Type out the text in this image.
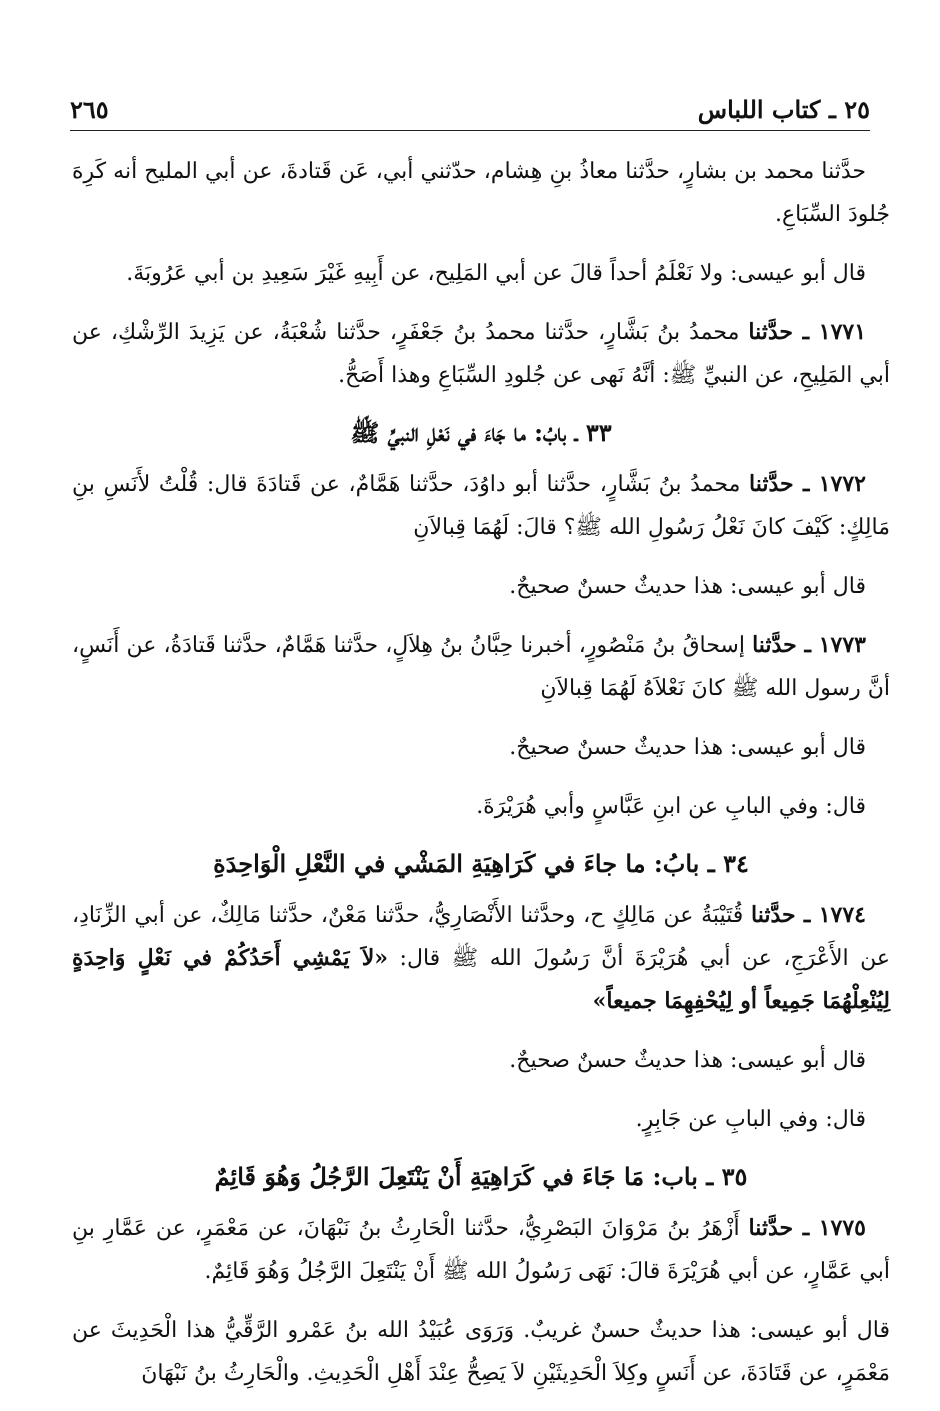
٢٦٥	٢٥ ـ كتاب اللباس

حدَّثنا محمد بن بشارٍ، حدَّثنا معاذُ بنِ هِشام، حدّثني أبي، عَن قَتادةَ، عن أبي المليح أنه كَرِهَ جُلودَ السِّبَاعِ.

قال أبو عيسى: ولا نَعْلَمُ أحداً قالَ عن أبي المَلِيح، عن أَبِيهِ غَيْرَ سَعِيدِ بن أبي عَرُوبَةَ.

١٧٧١ ـ حدَّثنا محمدُ بنُ بَشَّارٍ، حدَّثنا محمدُ بنُ جَعْفَرٍ، حدَّثنا شُعْبَةُ، عن يَزِيدَ الرِّشْكِ، عن أبي المَلِيحِ، عن النبيِّ ﷺ: أنَّهُ نَهى عن جُلودِ السِّبَاعِ وهذا أَصَحُّ.

٣٣ ـ بابُ: ما جَاءَ في نَعْلِ النبيِّ ﷺ

١٧٧٢ ـ حدَّثنا محمدُ بنُ بَشَّارٍ، حدَّثنا أبو داوُدَ، حدَّثنا هَمَّامٌ، عن قَتادَةَ قال: قُلْتُ لأَنَسِ بنِ مَالِكٍ: كَيْفَ كانَ نَعْلُ رَسُولِ الله ﷺ؟ قالَ: لَهُمَا قِبالاَنِ

قال أبو عيسى: هذا حديثٌ حسنٌ صحيحٌ.

١٧٧٣ ـ حدَّثنا إسحاقُ بنُ مَنْصُورٍ، أخبرنا حِبَّانُ بنُ هِلاَلٍ، حدَّثنا هَمَّامٌ، حدَّثنا قَتادَةُ، عن أَنَسٍ، أنَّ رسول الله ﷺ كانَ نَعْلاَهُ لَهُمَا قِبالاَنِ

قال أبو عيسى: هذا حديثٌ حسنٌ صحيحٌ.

قال: وفي البابِ عن ابنِ عَبَّاسٍ وأبي هُرَيْرَةَ.

٣٤ ـ بابُ: ما جاءَ في كَرَاهِيَةِ المَشْي في النَّعْلِ الْوَاحِدَةِ

١٧٧٤ ـ حدَّثنا قُتَيْبَةُ عن مَالِكٍ ح، وحدَّثنا الأَنْصَارِيُّ، حدَّثنا مَعْنٌ، حدَّثنا مَالِكٌ، عن أبي الزِّنَادِ، عن الأَعْرَجِ، عن أبي هُرَيْرَةَ أنَّ رَسُولَ الله ﷺ قال: «لاَ يَمْشِي أَحَدُكُمْ في نَعْلٍ وَاحِدَةٍ لِيُنْعِلْهُمَا جَمِيعاً أو لِيُحْفِهِمَا جميعاً»

قال أبو عيسى: هذا حديثٌ حسنٌ صحيحٌ.

قال: وفي البابِ عن جَابِرٍ.

٣٥ ـ باب: مَا جَاءَ في كَرَاهِيَةِ أَنْ يَنْتَعِلَ الرَّجُلُ وَهُوَ قَائِمٌ

١٧٧٥ ـ حدَّثنا أَزْهَرُ بنُ مَرْوَانَ البَصْرِيُّ، حدَّثنا الْحَارِثُ بنُ نَبْهَانَ، عن مَعْمَرٍ، عن عَمَّارِ بنِ أبي عَمَّارٍ، عن أبي هُرَيْرَةَ قالَ: نَهَى رَسُولُ الله ﷺ أَنْ يَنْتَعِلَ الرَّجُلُ وَهُوَ قَائِمٌ.

قال أبو عيسى: هذا حديثٌ حسنٌ غريبٌ. وَرَوَى عُبَيْدُ الله بنُ عَمْرو الرَّقِّيُّ هذا الْحَدِيثَ عن مَعْمَرٍ، عن قَتَادَةَ، عن أَنَسٍ وكِلاَ الْحَدِيثَيْنِ لاَ يَصِحُّ عِنْدَ أَهْلِ الْحَدِيثِ. والْحَارِثُ بنُ نَبْهَانَ
